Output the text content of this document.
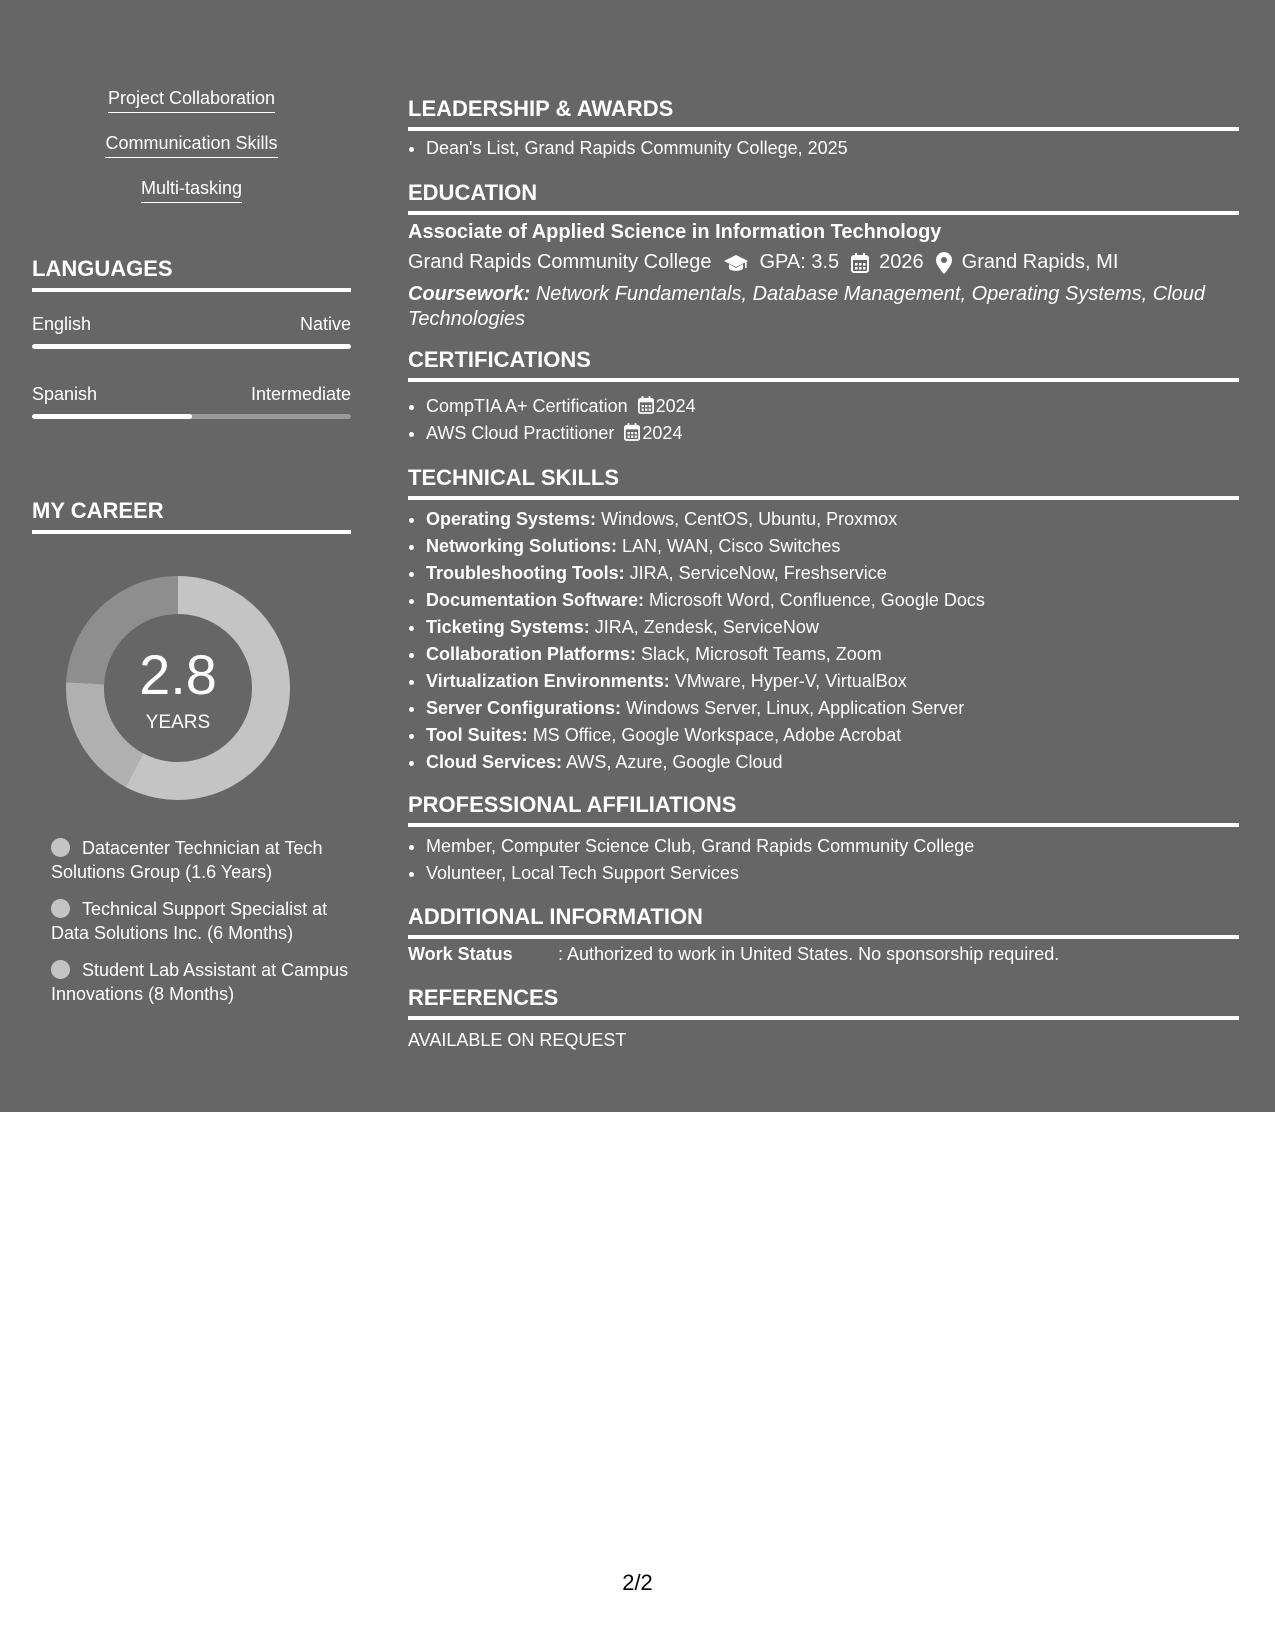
Project Collaboration
Communication Skills
Multi-tasking
LANGUAGES
English	Native
Spanish	Intermediate
MY CAREER
2.8
YEARS
Datacenter Technician at Tech Solutions Group (1.6 Years)
Technical Support Specialist at Data Solutions Inc. (6 Months)
Student Lab Assistant at Campus Innovations (8 Months)
LEADERSHIP & AWARDS
• Dean's List, Grand Rapids Community College, 2025
EDUCATION
Associate of Applied Science in Information Technology
Grand Rapids Community College GPA: 3.5 2026 Grand Rapids, MI
Coursework: Network Fundamentals, Database Management, Operating Systems, Cloud Technologies
CERTIFICATIONS
• CompTIA A+ Certification 2024
• AWS Cloud Practitioner 2024
TECHNICAL SKILLS
• Operating Systems: Windows, CentOS, Ubuntu, Proxmox
• Networking Solutions: LAN, WAN, Cisco Switches
• Troubleshooting Tools: JIRA, ServiceNow, Freshservice
• Documentation Software: Microsoft Word, Confluence, Google Docs
• Ticketing Systems: JIRA, Zendesk, ServiceNow
• Collaboration Platforms: Slack, Microsoft Teams, Zoom
• Virtualization Environments: VMware, Hyper-V, VirtualBox
• Server Configurations: Windows Server, Linux, Application Server
• Tool Suites: MS Office, Google Workspace, Adobe Acrobat
• Cloud Services: AWS, Azure, Google Cloud
PROFESSIONAL AFFILIATIONS
• Member, Computer Science Club, Grand Rapids Community College
• Volunteer, Local Tech Support Services
ADDITIONAL INFORMATION
Work Status	: Authorized to work in United States. No sponsorship required.
REFERENCES
AVAILABLE ON REQUEST
2/2
